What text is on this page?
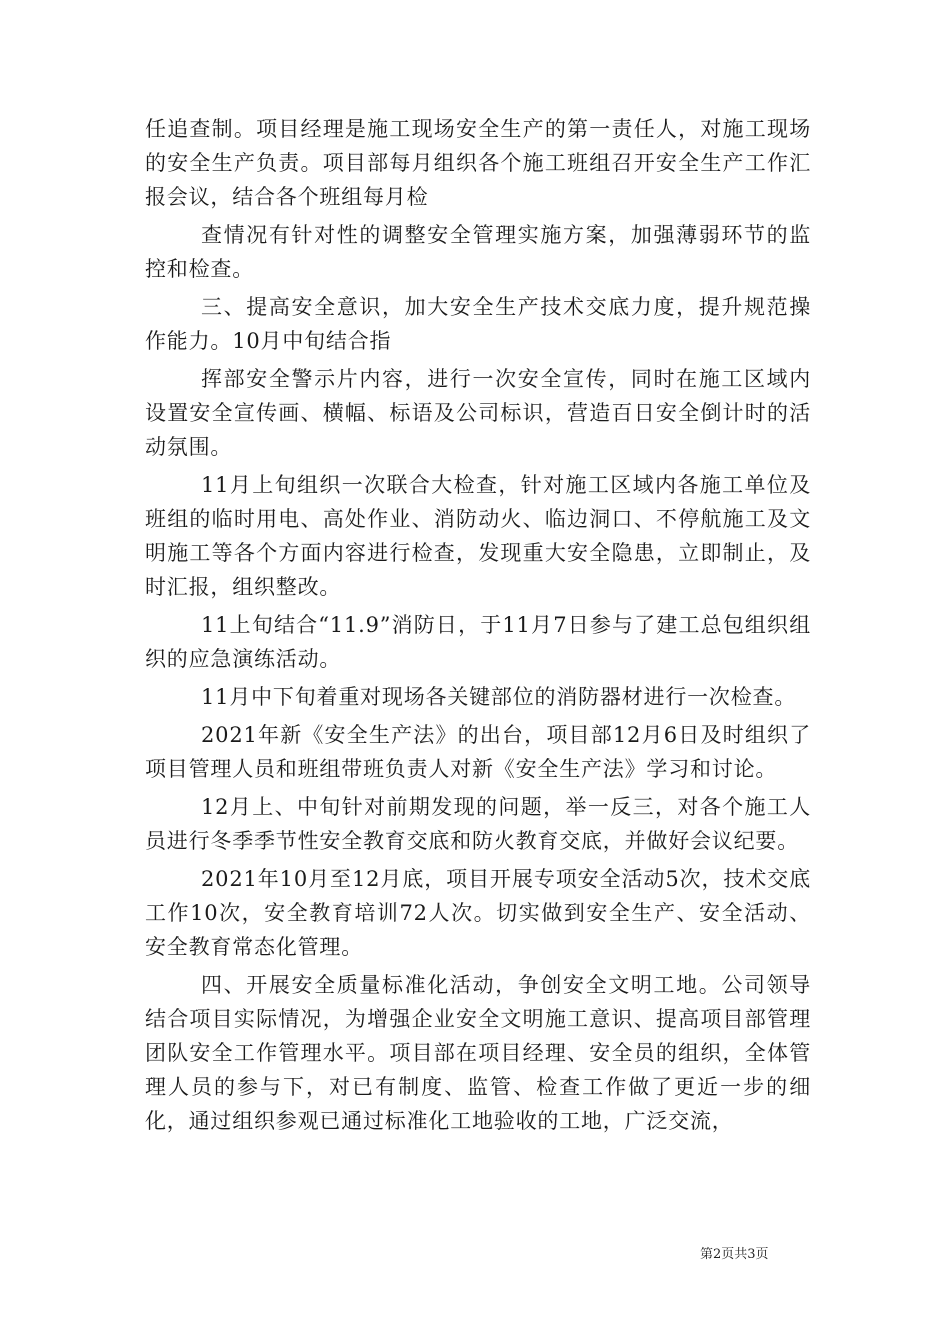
任追查制。项目经理是施工现场安全生产的第一责任人，对施工现场的安全生产负责。项目部每月组织各个施工班组召开安全生产工作汇报会议，结合各个班组每月检

查情况有针对性的调整安全管理实施方案，加强薄弱环节的监控和检查。

三、提高安全意识，加大安全生产技术交底力度，提升规范操作能力。10月中旬结合指

挥部安全警示片内容，进行一次安全宣传，同时在施工区域内设置安全宣传画、横幅、标语及公司标识，营造百日安全倒计时的活动氛围。

11月上旬组织一次联合大检查，针对施工区域内各施工单位及班组的临时用电、高处作业、消防动火、临边洞口、不停航施工及文明施工等各个方面内容进行检查，发现重大安全隐患，立即制止，及时汇报，组织整改。

11上旬结合“11.9”消防日，于11月7日参与了建工总包组织组织的应急演练活动。

11月中下旬着重对现场各关键部位的消防器材进行一次检查。

2021年新《安全生产法》的出台，项目部12月6日及时组织了项目管理人员和班组带班负责人对新《安全生产法》学习和讨论。

12月上、中旬针对前期发现的问题，举一反三，对各个施工人员进行冬季季节性安全教育交底和防火教育交底，并做好会议纪要。

2021年10月至12月底，项目开展专项安全活动5次，技术交底工作10次，安全教育培训72人次。切实做到安全生产、安全活动、安全教育常态化管理。

四、开展安全质量标准化活动，争创安全文明工地。公司领导结合项目实际情况，为增强企业安全文明施工意识、提高项目部管理团队安全工作管理水平。项目部在项目经理、安全员的组织，全体管理人员的参与下，对已有制度、监管、检查工作做了更近一步的细化，通过组织参观已通过标准化工地验收的工地，广泛交流，

第2页共3页
